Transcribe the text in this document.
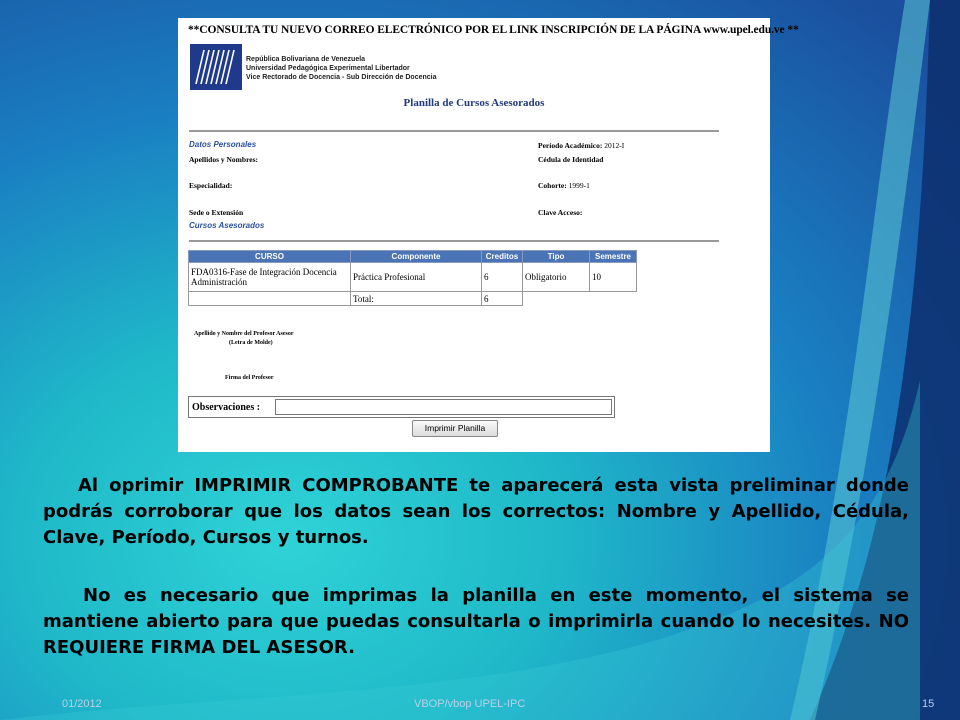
**CONSULTA TU NUEVO CORREO ELECTRÓNICO POR EL LINK INSCRIPCIÓN DE LA PÁGINA www.upel.edu.ve **
República Bolivariana de Venezuela
Universidad Pedagógica Experimental Libertador
Vice Rectorado de Docencia - Sub Dirección de Docencia
Planilla de Cursos Asesorados
Datos Personales	Período Académico: 2012-I
Apellidos y Nombres:	Cédula de Identidad
Especialidad:	Cohorte: 1999-1
Sede o Extensión	Clave Acceso:
Cursos Asesorados
CURSO	Componente	Creditos	Tipo	Semestre
FDA0316-Fase de Integración Docencia Administración	Práctica Profesional	6	Obligatorio	10
	Total:	6		
Apellido y Nombre del Profesor Asesor
(Letra de Molde)
Firma del Profesor
Observaciones :
Imprimir Planilla
Al oprimir IMPRIMIR COMPROBANTE te aparecerá esta vista preliminar donde podrás corroborar que los datos sean los correctos: Nombre y Apellido, Cédula, Clave, Período, Cursos y turnos.
No es necesario que imprimas la planilla en este momento, el sistema se mantiene abierto para que puedas consultarla o imprimirla cuando lo necesites. NO REQUIERE FIRMA DEL ASESOR.
01/2012	VBOP/vbop UPEL-IPC	15
